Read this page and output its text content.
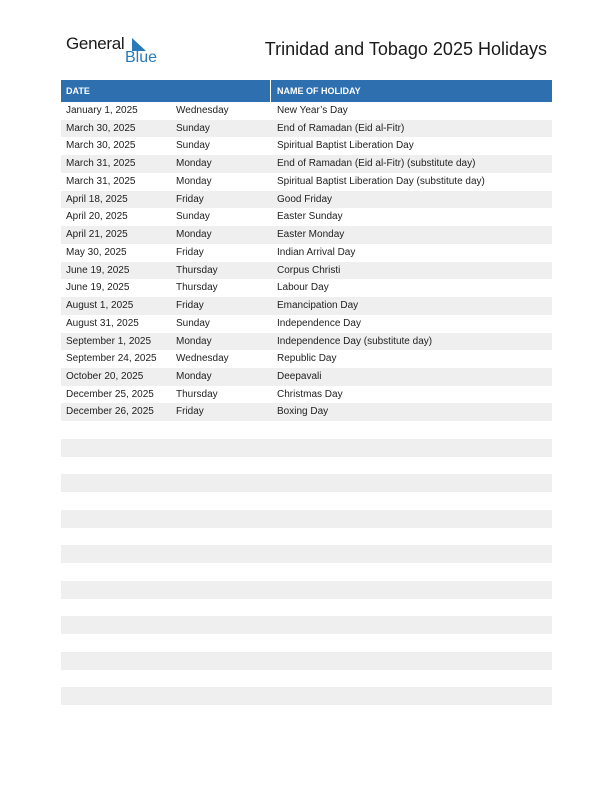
General
Blue	Trinidad and Tobago 2025 Holidays
DATE	NAME OF HOLIDAY
January 1, 2025	Wednesday	New Year’s Day
March 30, 2025	Sunday	End of Ramadan (Eid al-Fitr)
March 30, 2025	Sunday	Spiritual Baptist Liberation Day
March 31, 2025	Monday	End of Ramadan (Eid al-Fitr) (substitute day)
March 31, 2025	Monday	Spiritual Baptist Liberation Day (substitute day)
April 18, 2025	Friday	Good Friday
April 20, 2025	Sunday	Easter Sunday
April 21, 2025	Monday	Easter Monday
May 30, 2025	Friday	Indian Arrival Day
June 19, 2025	Thursday	Corpus Christi
June 19, 2025	Thursday	Labour Day
August 1, 2025	Friday	Emancipation Day
August 31, 2025	Sunday	Independence Day
September 1, 2025 Monday	Independence Day (substitute day)
September 24, 2025 Wednesday	Republic Day
October 20, 2025	Monday	Deepavali
December 25, 2025 Thursday	Christmas Day
December 26, 2025 Friday	Boxing Day
